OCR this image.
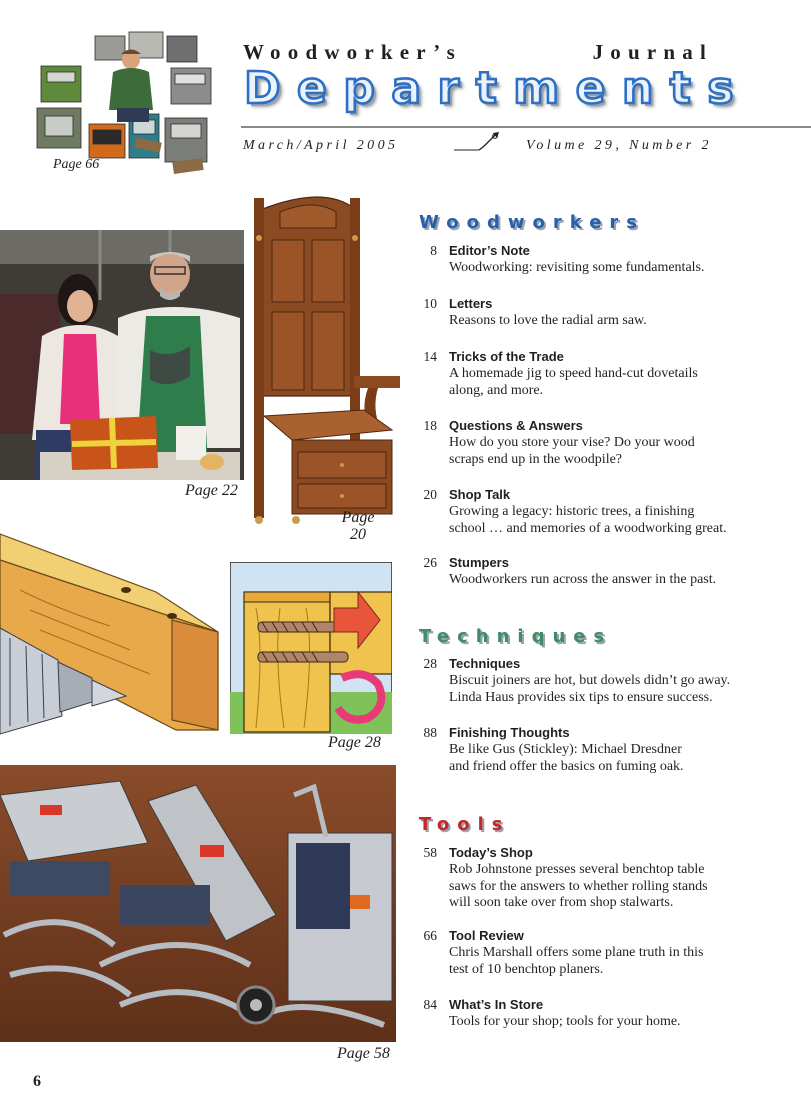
Woodworker’s	Journal
Departments
March/April 2005	Volume 29, Number 2
Page 66
Page 22
Page
20
Page 28
Page 58
Woodworkers
8 Editor’s Note
Woodworking: revisiting some fundamentals.
10 Letters
Reasons to love the radial arm saw.
14 Tricks of the Trade
A homemade jig to speed hand-cut dovetails
along, and more.
18 Questions & Answers
How do you store your vise? Do your wood
scraps end up in the woodpile?
20 Shop Talk
Growing a legacy: historic trees, a finishing
school … and memories of a woodworking great.
26 Stumpers
Woodworkers run across the answer in the past.
Techniques
28 Techniques
Biscuit joiners are hot, but dowels didn’t go away.
Linda Haus provides six tips to ensure success.
88 Finishing Thoughts
Be like Gus (Stickley): Michael Dresdner
and friend offer the basics on fuming oak.
Tools
58 Today’s Shop
Rob Johnstone presses several benchtop table
saws for the answers to whether rolling stands
will soon take over from shop stalwarts.
66 Tool Review
Chris Marshall offers some plane truth in this
test of 10 benchtop planers.
84 What’s In Store
Tools for your shop; tools for your home.
6
